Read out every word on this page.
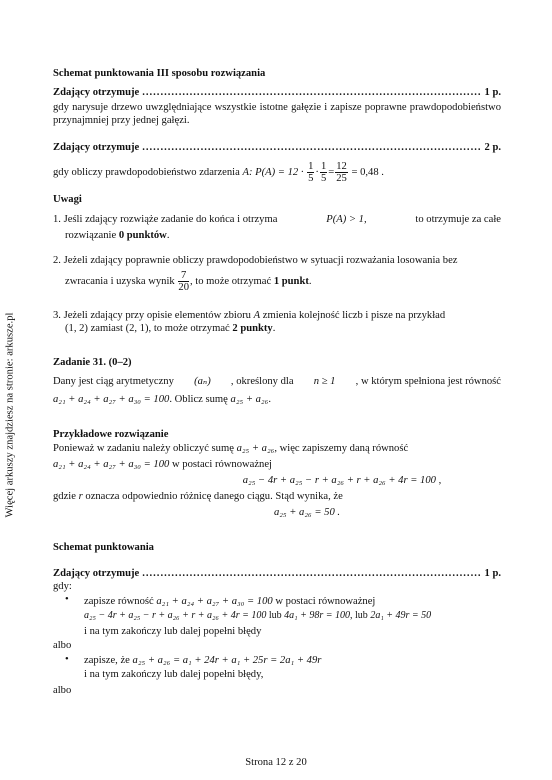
Więcej arkuszy znajdziesz na stronie: arkusze.pl
Schemat punktowania III sposobu rozwiązania
Zdający otrzymuje .....	1 p.
gdy narysuje drzewo uwzględniające wszystkie istotne gałęzie i zapisze poprawne prawdopodobieństwo przynajmniej przy jednej gałęzi.
Zdający otrzymuje .....	2 p.
gdy obliczy prawdopodobieństwo zdarzenia A: $P(A) = 12 \cdot \frac{1}{5} \cdot \frac{1}{5} = \frac{12}{25} = 0,48$ .
Uwagi
1. Jeśli zdający rozwiąże zadanie do końca i otrzyma	P(A) > 1,	to otrzymuje za całe
rozwiązanie 0 punktów.
2. Jeżeli zdający poprawnie obliczy prawdopodobieństwo w sytuacji rozważania losowania bez
zwracania i uzyska wynik $\frac{7}{20}$ , to może otrzymać 1 punkt.
3. Jeżeli zdający przy opisie elementów zbioru A zmienia kolejność liczb i pisze na przykład
(1, 2) zamiast (2, 1), to może otrzymać 2 punkty.
Zadanie 31. (0–2)
Dany jest ciąg arytmetyczny (aₙ) , określony dla n ≥ 1 , w którym spełniona jest równość
a₂₁ + a₂₄ + a₂₇ + a₃₀ = 100. Oblicz sumę a₂₅ + a₂₆.
Przykładowe rozwiązanie
Ponieważ w zadaniu należy obliczyć sumę a₂₅ + a₂₆, więc zapiszemy daną równość
a₂₁ + a₂₄ + a₂₇ + a₃₀ = 100 w postaci równoważnej
a₂₅ − 4r + a₂₅ − r + a₂₆ + r + a₂₆ + 4r = 100 ,
gdzie r oznacza odpowiednio różnicę danego ciągu. Stąd wynika, że
a₂₅ + a₂₆ = 50 .
Schemat punktowania
Zdający otrzymuje .....	1 p.
gdy:
• zapisze równość a₂₁ + a₂₄ + a₂₇ + a₃₀ = 100 w postaci równoważnej
a₂₅ − 4r + a₂₅ − r + a₂₆ + r + a₂₆ + 4r = 100 lub 4a₁ + 98r = 100, lub 2a₁ + 49r = 50
i na tym zakończy lub dalej popełni błędy
albo
• zapisze, że a₂₅ + a₂₆ = a₁ + 24r + a₁ + 25r = 2a₁ + 49r
i na tym zakończy lub dalej popełni błędy,
albo
Strona 12 z 20
